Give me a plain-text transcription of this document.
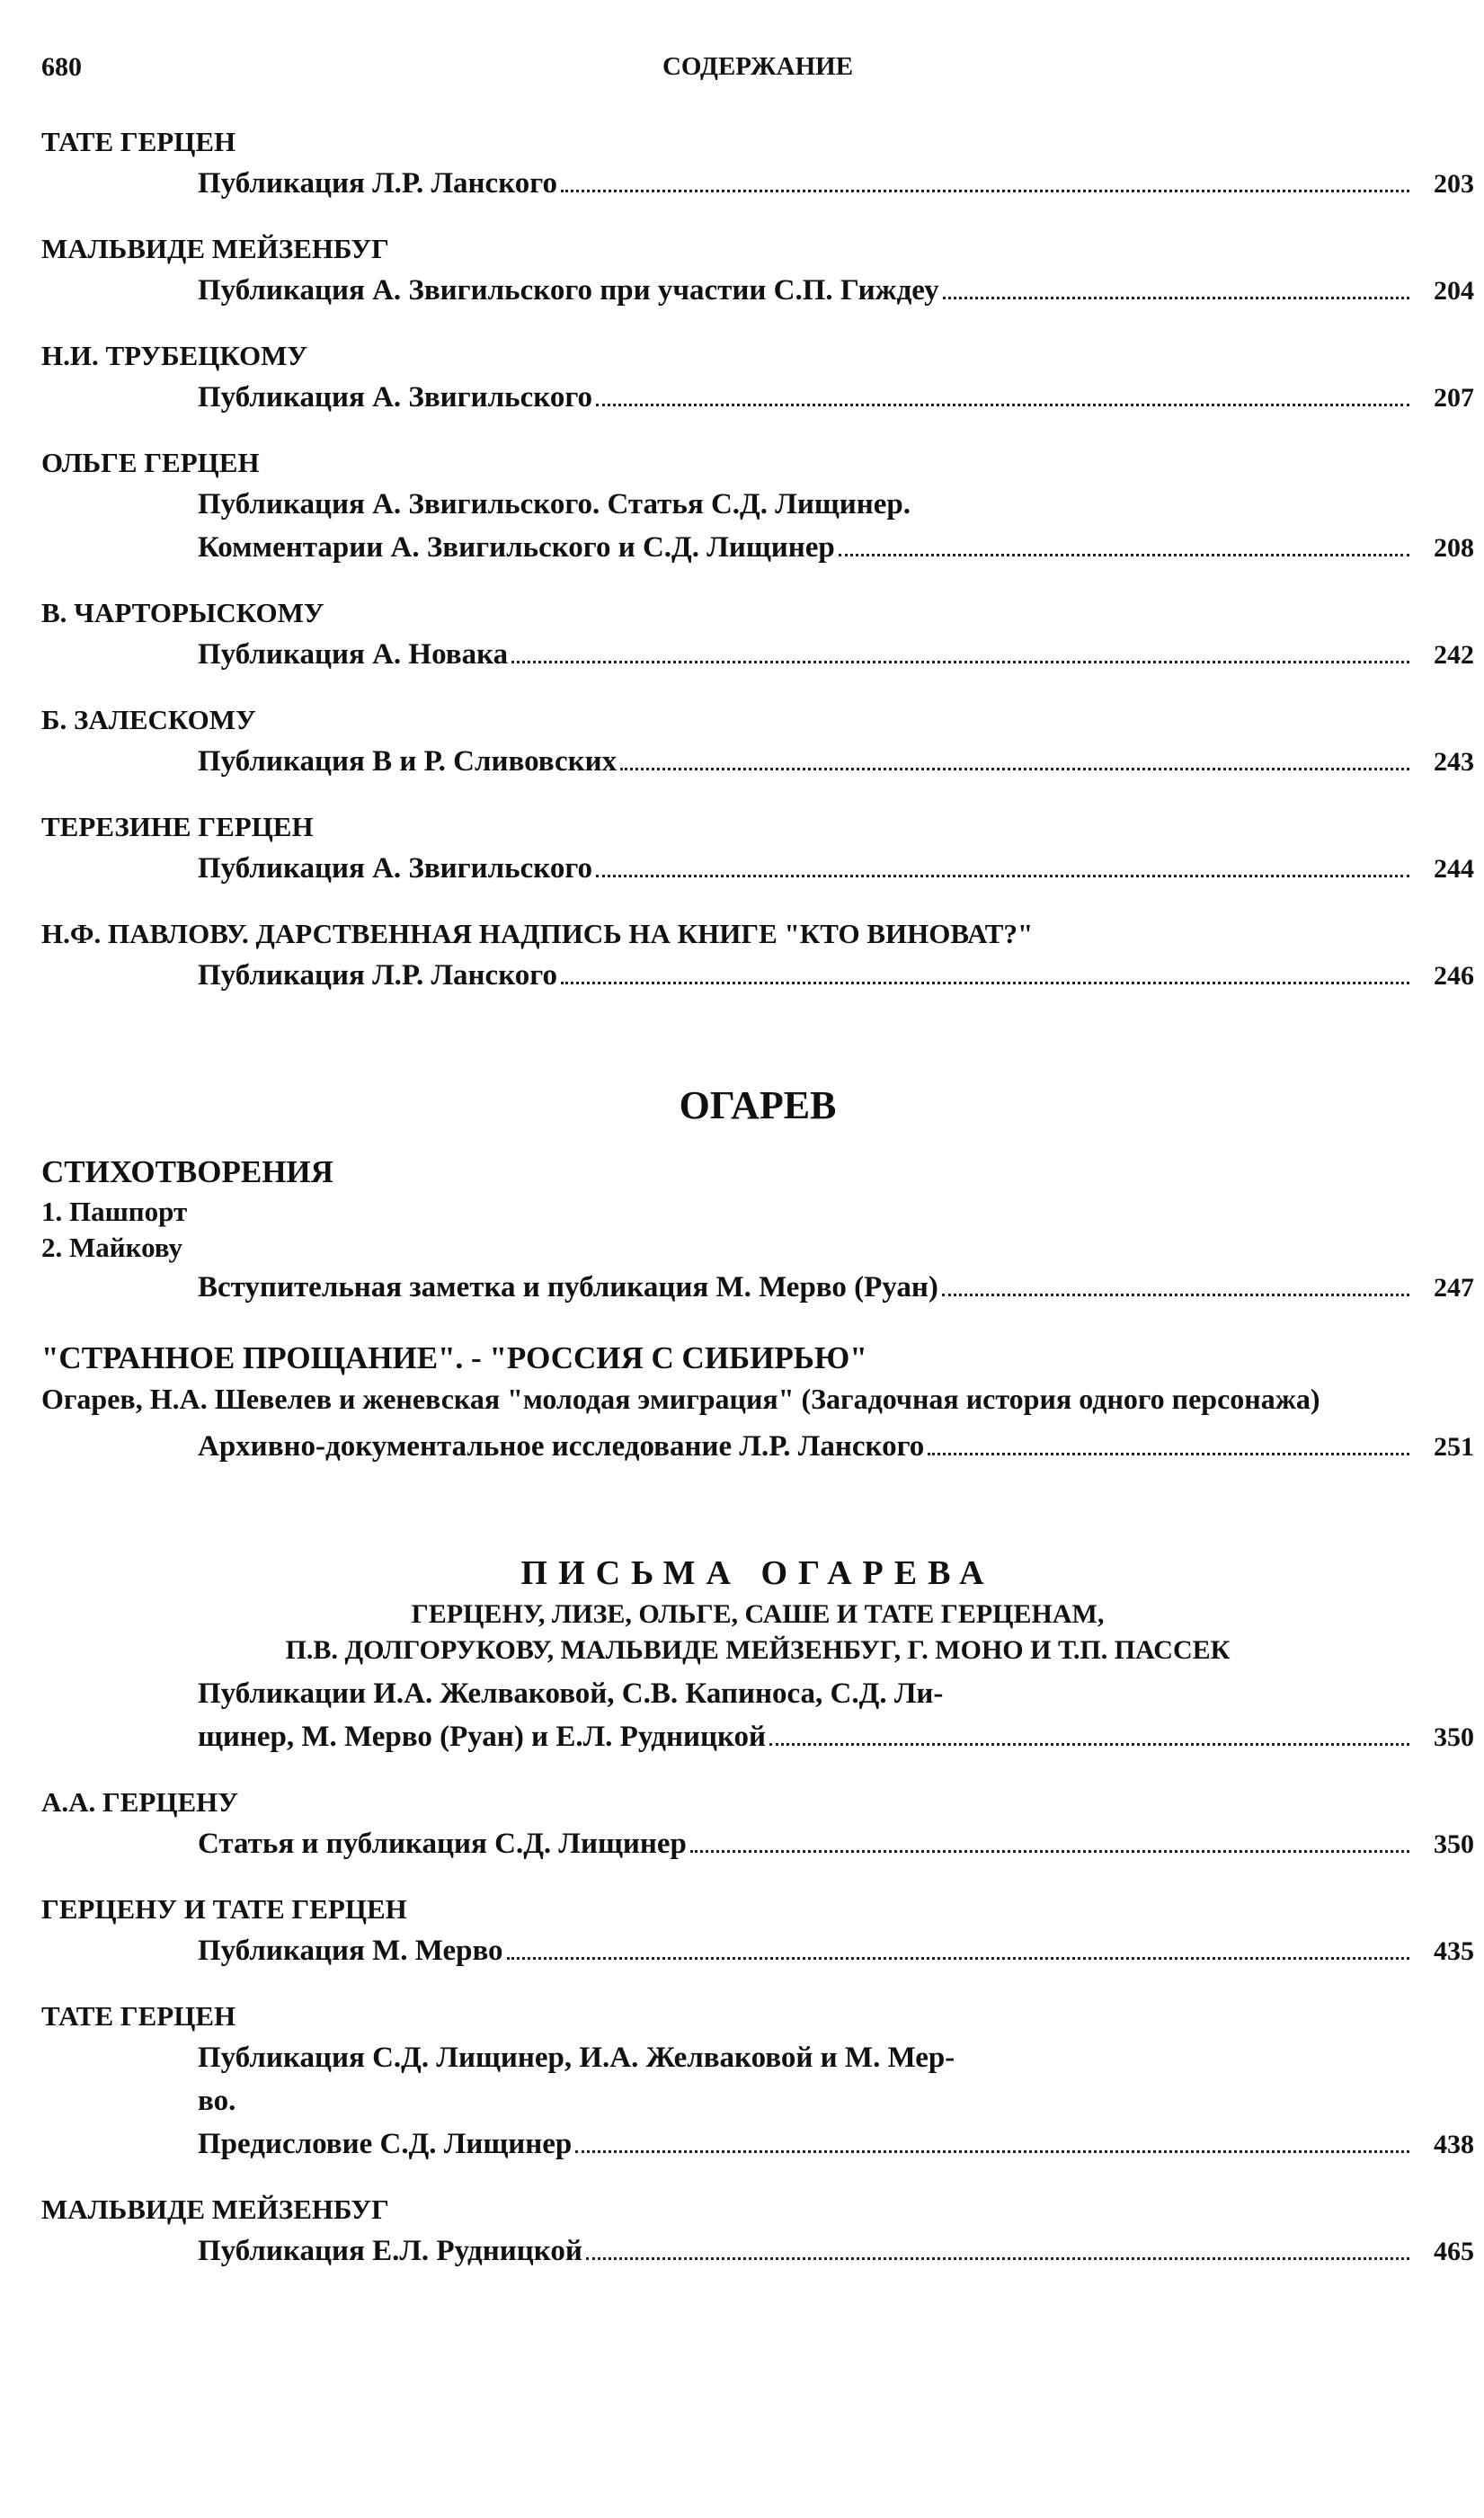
680	СОДЕРЖАНИЕ
ТАТЕ ГЕРЦЕН
Публикация Л.Р. Ланского	203
МАЛЬВИДЕ МЕЙЗЕНБУГ
Публикация А. Звигильского при участии С.П. Гиждеу	204
Н.И. ТРУБЕЦКОМУ
Публикация А. Звигильского	207
ОЛЬГЕ ГЕРЦЕН
Публикация А. Звигильского. Статья С.Д. Лищинер.
Комментарии А. Звигильского и С.Д. Лищинер	208
В. ЧАРТОРЫСКОМУ
Публикация А. Новака	242
Б. ЗАЛЕСКОМУ
Публикация В и Р. Сливовских	243
ТЕРЕЗИНЕ ГЕРЦЕН
Публикация А. Звигильского	244
Н.Ф. ПАВЛОВУ. ДАРСТВЕННАЯ НАДПИСЬ НА КНИГЕ "КТО ВИНОВАТ?"
Публикация Л.Р. Ланского	246
ОГАРЕВ
СТИХОТВОРЕНИЯ
1. Пашпорт
2. Майкову
Вступительная заметка и публикация М. Мерво (Руан)	247
"СТРАННОЕ ПРОЩАНИЕ". - "РОССИЯ С СИБИРЬЮ"
Огарев, Н.А. Шевелев и женевская "молодая эмиграция" (Загадочная история одного персонажа)
Архивно-документальное исследование Л.Р. Ланского	251
ПИСЬМА ОГАРЕВА
ГЕРЦЕНУ, ЛИЗЕ, ОЛЬГЕ, САШЕ И ТАТЕ ГЕРЦЕНАМ,
П.В. ДОЛГОРУКОВУ, МАЛЬВИДЕ МЕЙЗЕНБУГ, Г. МОНО И Т.П. ПАССЕК
Публикации И.А. Желваковой, С.В. Капиноса, С.Д. Ли-
щинер, М. Мерво (Руан) и Е.Л. Рудницкой	350
А.А. ГЕРЦЕНУ
Статья и публикация С.Д. Лищинер	350
ГЕРЦЕНУ И ТАТЕ ГЕРЦЕН
Публикация М. Мерво	435
ТАТЕ ГЕРЦЕН
Публикация С.Д. Лищинер, И.А. Желваковой и М. Мер-
во.
Предисловие С.Д. Лищинер	438
МАЛЬВИДЕ МЕЙЗЕНБУГ
Публикация Е.Л. Рудницкой	465
